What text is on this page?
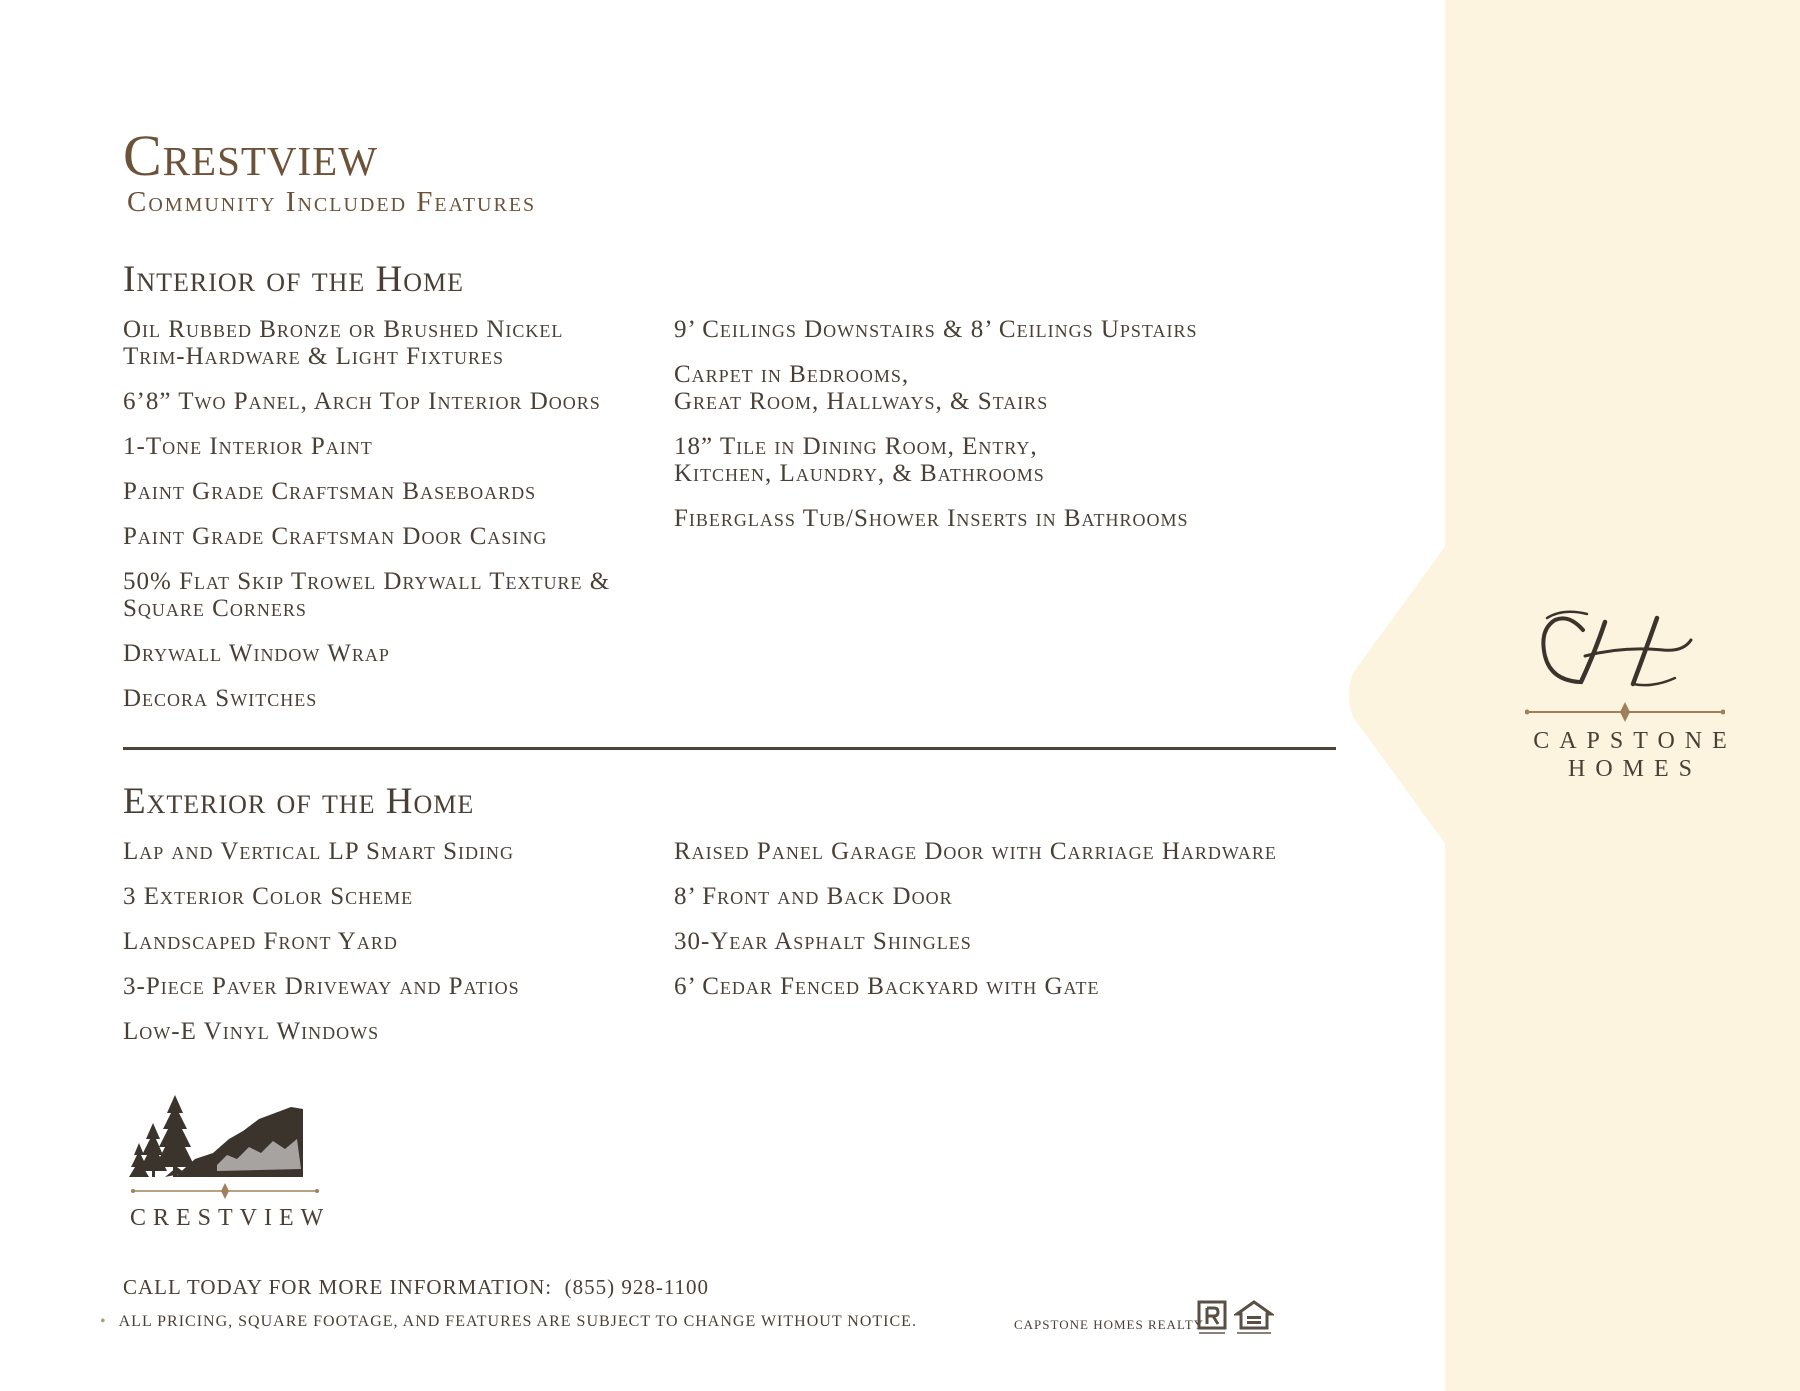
Crestview
Community Included Features
Interior of the Home
Oil Rubbed Bronze or Brushed Nickel
Trim-Hardware & Light Fixtures
6’8” Two Panel, Arch Top Interior Doors
1-Tone Interior Paint
Paint Grade Craftsman Baseboards
Paint Grade Craftsman Door Casing
50% Flat Skip Trowel Drywall Texture &
Square Corners
Drywall Window Wrap
Decora Switches
9’ Ceilings Downstairs & 8’ Ceilings Upstairs
Carpet in Bedrooms,
Great Room, Hallways, & Stairs
18” Tile in Dining Room, Entry,
Kitchen, Laundry, & Bathrooms
Fiberglass Tub/Shower Inserts in Bathrooms
Exterior of the Home
Lap and Vertical LP Smart Siding
3 Exterior Color Scheme
Landscaped Front Yard
3-Piece Paver Driveway and Patios
Low-E Vinyl Windows
Raised Panel Garage Door with Carriage Hardware
8’ Front and Back Door
30-Year Asphalt Shingles
6’ Cedar Fenced Backyard with Gate
CRESTVIEW
CALL TODAY FOR MORE INFORMATION: (855) 928-1100
• ALL PRICING, SQUARE FOOTAGE, AND FEATURES ARE SUBJECT TO CHANGE WITHOUT NOTICE.	CAPSTONE HOMES REALTY
CAPSTONE
HOMES
